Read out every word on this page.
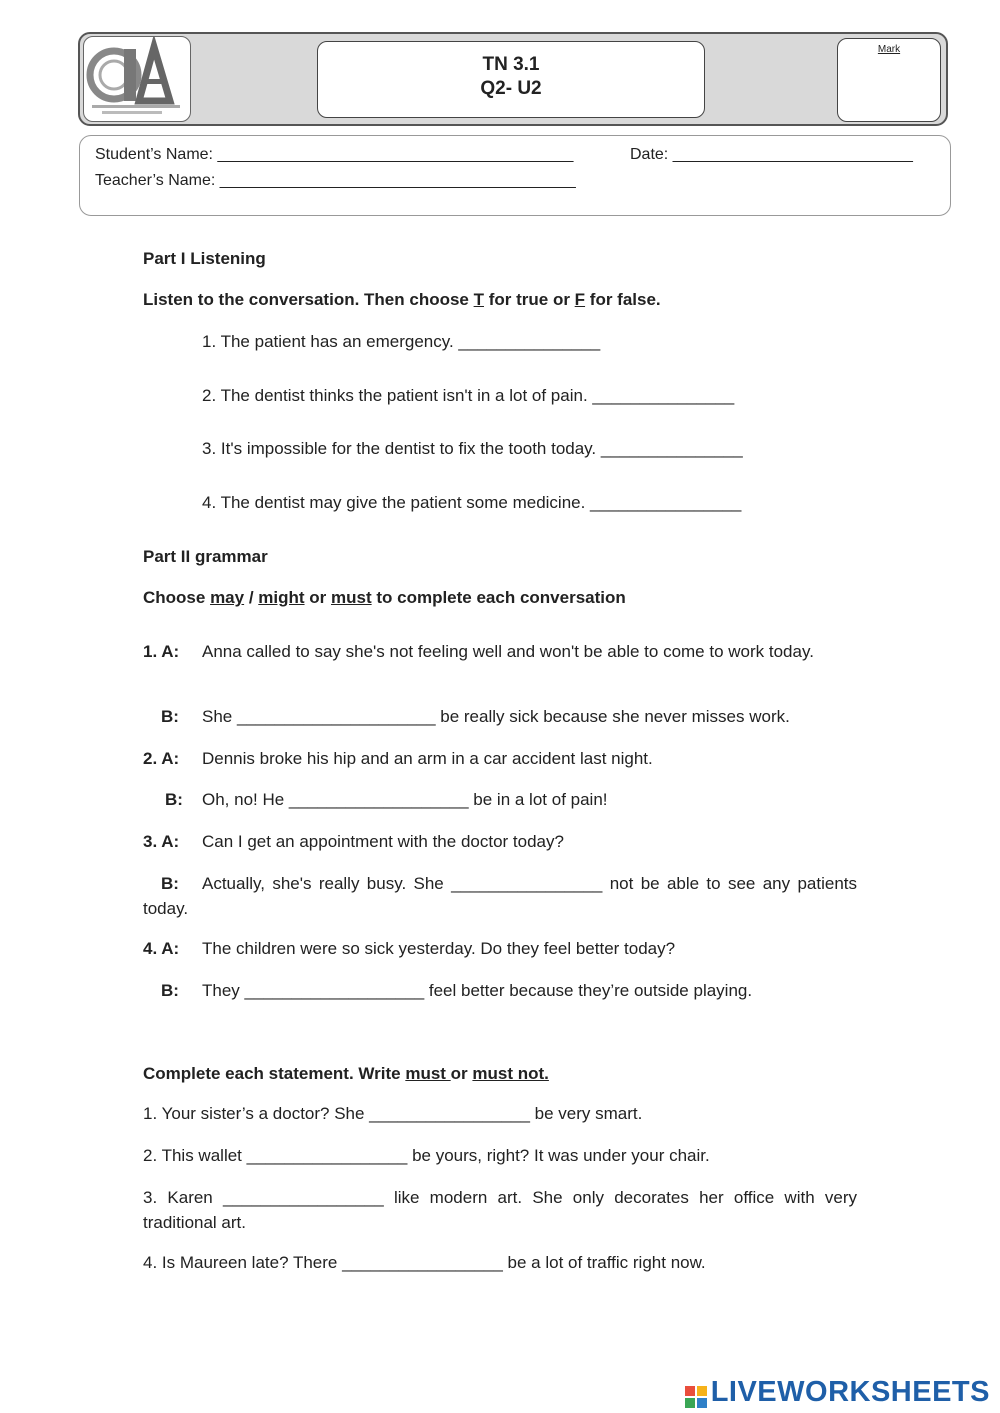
TN 3.1
Q2- U2
Mark
Student’s Name: ________________________________________	Date: ___________________________
Teacher’s Name: ________________________________________
Part I Listening
Listen to the conversation. Then choose T for true or F for false.
1. The patient has an emergency. _______________
2. The dentist thinks the patient isn't in a lot of pain. _______________
3. It's impossible for the dentist to fix the tooth today. _______________
4. The dentist may give the patient some medicine. ________________
Part II grammar
Choose may / might or must to complete each conversation
1. A: Anna called to say she's not feeling well and won't be able to come to work today.
B: She _____________________ be really sick because she never misses work.
2. A: Dennis broke his hip and an arm in a car accident last night.
B: Oh, no! He ___________________ be in a lot of pain!
3. A: Can I get an appointment with the doctor today?
B: Actually, she's really busy. She ________________ not be able to see any patients today.
4. A: The children were so sick yesterday. Do they feel better today?
B: They ___________________ feel better because they’re outside playing.
Complete each statement. Write must or must not.
1. Your sister’s a doctor? She _________________ be very smart.
2. This wallet _________________ be yours, right? It was under your chair.
3. Karen _________________ like modern art. She only decorates her office with very traditional art.
4. Is Maureen late? There _________________ be a lot of traffic right now.
LIVEWORKSHEETS
